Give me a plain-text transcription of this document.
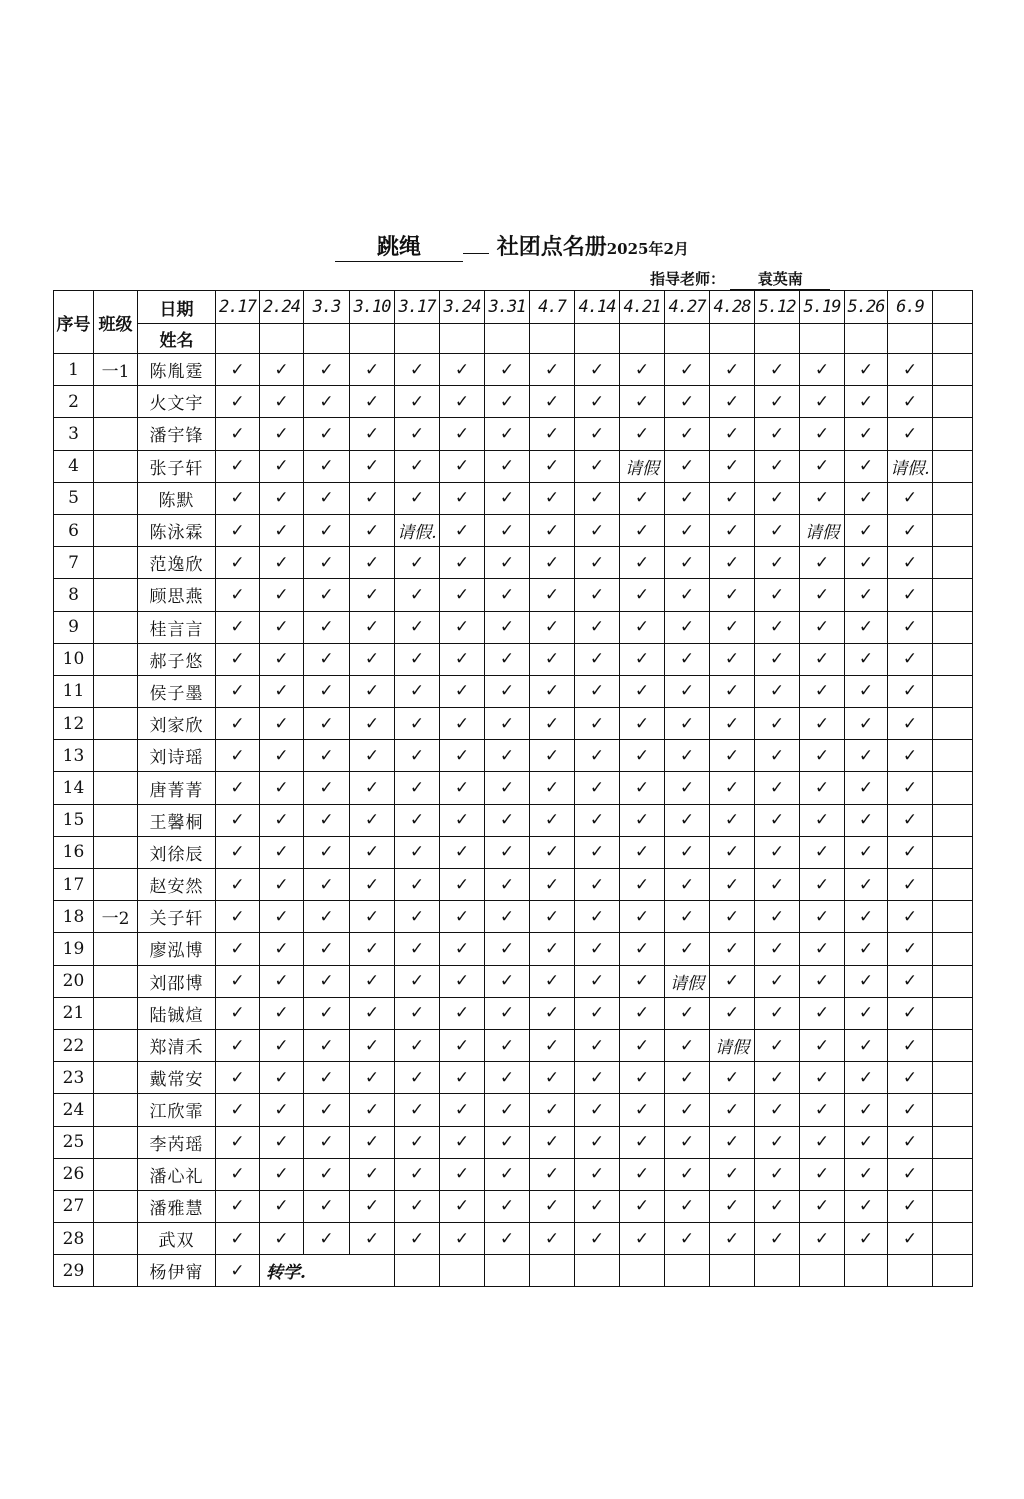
跳绳	社团点名册2025年2月
指导老师： 袁英南
序号	班级	日期	2.17	2.24	3.3	3.10	3.17	3.24	3.31	4.7	4.14	4.21	4.27	4.28	5.12	5.19	5.26	6.9	
		姓名																	
1	一1	陈胤霆	✓	✓	✓	✓	✓	✓	✓	✓	✓	✓	✓	✓	✓	✓	✓	✓	
2		火文宇	✓	✓	✓	✓	✓	✓	✓	✓	✓	✓	✓	✓	✓	✓	✓	✓	
3		潘宇锋	✓	✓	✓	✓	✓	✓	✓	✓	✓	✓	✓	✓	✓	✓	✓	✓	
4		张子轩	✓	✓	✓	✓	✓	✓	✓	✓	✓	请假	✓	✓	✓	✓	✓	请假.	
5		陈默	✓	✓	✓	✓	✓	✓	✓	✓	✓	✓	✓	✓	✓	✓	✓	✓	
6		陈泳霖	✓	✓	✓	✓	请假.	✓	✓	✓	✓	✓	✓	✓	✓	请假	✓	✓	
7		范逸欣	✓	✓	✓	✓	✓	✓	✓	✓	✓	✓	✓	✓	✓	✓	✓	✓	
8		顾思燕	✓	✓	✓	✓	✓	✓	✓	✓	✓	✓	✓	✓	✓	✓	✓	✓	
9		桂言言	✓	✓	✓	✓	✓	✓	✓	✓	✓	✓	✓	✓	✓	✓	✓	✓	
10		郝子悠	✓	✓	✓	✓	✓	✓	✓	✓	✓	✓	✓	✓	✓	✓	✓	✓	
11		侯子墨	✓	✓	✓	✓	✓	✓	✓	✓	✓	✓	✓	✓	✓	✓	✓	✓	
12		刘家欣	✓	✓	✓	✓	✓	✓	✓	✓	✓	✓	✓	✓	✓	✓	✓	✓	
13		刘诗瑶	✓	✓	✓	✓	✓	✓	✓	✓	✓	✓	✓	✓	✓	✓	✓	✓	
14		唐菁菁	✓	✓	✓	✓	✓	✓	✓	✓	✓	✓	✓	✓	✓	✓	✓	✓	
15		王馨桐	✓	✓	✓	✓	✓	✓	✓	✓	✓	✓	✓	✓	✓	✓	✓	✓	
16		刘徐辰	✓	✓	✓	✓	✓	✓	✓	✓	✓	✓	✓	✓	✓	✓	✓	✓	
17		赵安然	✓	✓	✓	✓	✓	✓	✓	✓	✓	✓	✓	✓	✓	✓	✓	✓	
18	一2	关子轩	✓	✓	✓	✓	✓	✓	✓	✓	✓	✓	✓	✓	✓	✓	✓	✓	
19		廖泓博	✓	✓	✓	✓	✓	✓	✓	✓	✓	✓	✓	✓	✓	✓	✓	✓	
20		刘邵博	✓	✓	✓	✓	✓	✓	✓	✓	✓	✓	请假	✓	✓	✓	✓	✓	
21		陆铖煊	✓	✓	✓	✓	✓	✓	✓	✓	✓	✓	✓	✓	✓	✓	✓	✓	
22		郑清禾	✓	✓	✓	✓	✓	✓	✓	✓	✓	✓	✓	请假	✓	✓	✓	✓	
23		戴常安	✓	✓	✓	✓	✓	✓	✓	✓	✓	✓	✓	✓	✓	✓	✓	✓	
24		江欣霏	✓	✓	✓	✓	✓	✓	✓	✓	✓	✓	✓	✓	✓	✓	✓	✓	
25		李芮瑶	✓	✓	✓	✓	✓	✓	✓	✓	✓	✓	✓	✓	✓	✓	✓	✓	
26		潘心礼	✓	✓	✓	✓	✓	✓	✓	✓	✓	✓	✓	✓	✓	✓	✓	✓	
27		潘雅慧	✓	✓	✓	✓	✓	✓	✓	✓	✓	✓	✓	✓	✓	✓	✓	✓	
28		武双	✓	✓	✓	✓	✓	✓	✓	✓	✓	✓	✓	✓	✓	✓	✓	✓	
29		杨伊甯	✓	转学.															
